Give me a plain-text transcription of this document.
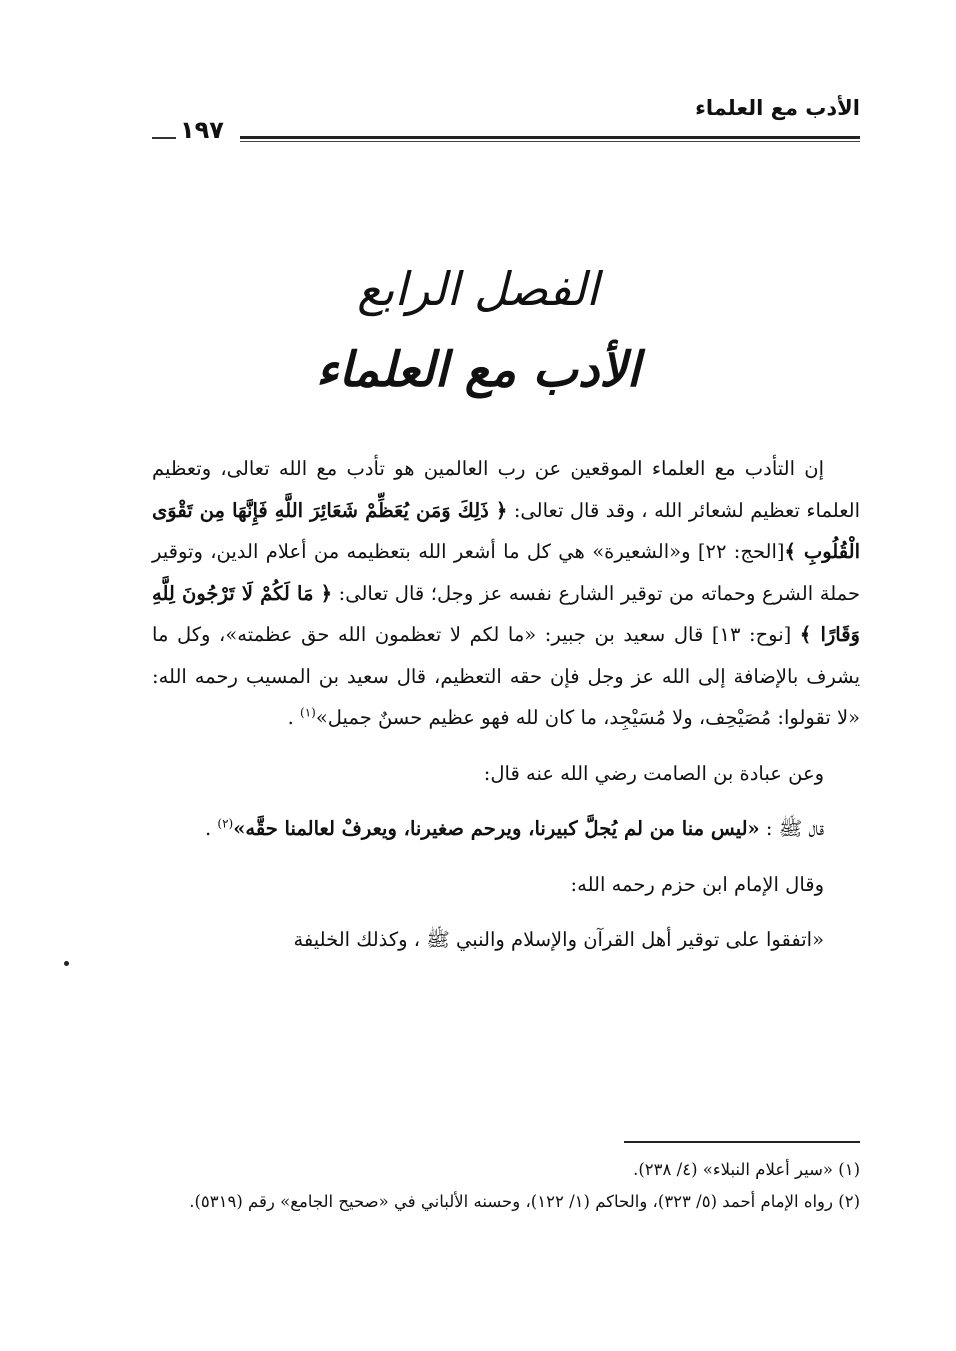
الأدب مع العلماء
١٩٧
الفصل الرابع
الأدب مع العلماء

إن التأدب مع العلماء الموقعين عن رب العالمين هو تأدب مع الله تعالى، وتعظيم العلماء تعظيم لشعائر الله ، وقد قال تعالى: ﴿ ذَلِكَ وَمَن يُعَظِّمْ شَعَائِرَ اللَّهِ فَإِنَّهَا مِن تَقْوَى الْقُلُوبِ ﴾[الحج: ٢٢] و«الشعيرة» هي كل ما أشعر الله بتعظيمه من أعلام الدين، وتوقير حملة الشرع وحماته من توقير الشارع نفسه عز وجل؛ قال تعالى: ﴿ مَا لَكُمْ لَا تَرْجُونَ لِلَّهِ وَقَارًا ﴾ [نوح: ١٣] قال سعيد بن جبير: «ما لكم لا تعظمون الله حق عظمته»، وكل ما يشرف بالإضافة إلى الله عز وجل فإن حقه التعظيم، قال سعيد بن المسيب رحمه الله: «لا تقولوا: مُصَيْحِف، ولا مُسَيْجِد، ما كان لله فهو عظيم حسنٌ جميل»$^{(١)}$ .

وعن عبادة بن الصامت رضي الله عنه قال:

قال ﷺ : «ليس منا من لم يُجلَّ كبيرنا، ويرحم صغيرنا، ويعرفْ لعالمنا حقَّه»$^{(٢)}$ .

وقال الإمام ابن حزم رحمه الله:

«اتفقوا على توقير أهل القرآن والإسلام والنبي ﷺ ، وكذلك الخليفة

(١) «سير أعلام النبلاء» (٤/ ٢٣٨).

(٢) رواه الإمام أحمد (٥/ ٣٢٣)، والحاكم (١/ ١٢٢)، وحسنه الألباني في «صحيح الجامع» رقم (٥٣١٩).
